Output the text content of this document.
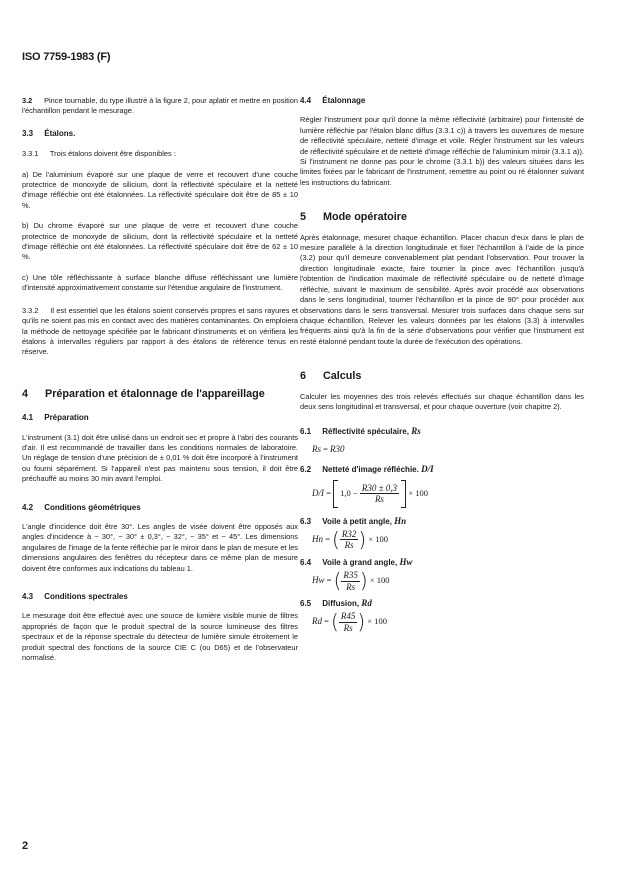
ISO 7759-1983 (F)

3.2 Pince tournable, du type illustré à la figure 2, pour aplatir et mettre en position l'échantillon pendant le mesurage.

3.3 Étalons.

3.3.1 Trois étalons doivent être disponibles :

a) De l'aluminium évaporé sur une plaque de verre et recouvert d'une couche protectrice de monoxyde de silicium, dont la réflectivité spéculaire et la netteté d'image réfléchie ont été étalonnées. La réflectivité spéculaire doit être de 85 ± 10 %.

b) Du chrome évaporé sur une plaque de verre et recouvert d'une couche protectrice de monoxyde de silicium, dont la réflectivité spéculaire et la netteté d'image réfléchie ont été étalonnées. La réflectivité spéculaire doit être de 62 ± 10 %.

c) Une tôle réfléchissante à surface blanche diffuse réfléchissant une lumière d'intensité approximativement constante sur l'étendue angulaire de l'instrument.

3.3.2 Il est essentiel que les étalons soient conservés propres et sans rayures et qu'ils ne soient pas mis en contact avec des matières contaminantes. On emploiera la méthode de nettoyage spécifiée par le fabricant d'instruments et on vérifiera les étalons à intervalles réguliers par rapport à des étalons de référence tenus en réserve.

4 Préparation et étalonnage de l'appareillage

4.1 Préparation

L'instrument (3.1) doit être utilisé dans un endroit sec et propre à l'abri des courants d'air. Il est recommandé de travailler dans les conditions normales de laboratoire. Un réglage de tension d'une précision de ± 0,01 % doit être incorporé à l'instrument ou fourni séparément. Si l'appareil n'est pas maintenu sous tension, il doit être préchauffé au moins 30 min avant l'emploi.

4.2 Conditions géométriques

L'angle d'incidence doit être 30°. Les angles de visée doivent être opposés aux angles d'incidence à − 30°, − 30° ± 0,3°, − 32°, − 35° et − 45°. Les dimensions angulaires de l'image de la fente réfléchie par le miroir dans le plan de mesure et les dimensions angulaires des fenêtres du récepteur dans ce même plan de mesure doivent être conformes aux indications du tableau 1.

4.3 Conditions spectrales

Le mesurage doit être effectué avec une source de lumière visible munie de filtres appropriés de façon que le produit spectral de la source lumineuse des filtres spectraux et de la réponse spectrale du détecteur de lumière simule étroitement le produit spectral des fonctions de la source CIE C (ou D65) et de l'observateur normalisé.

4.4 Étalonnage

Régler l'instrument pour qu'il donne la même réflectivité (arbitraire) pour l'intensité de lumière réfléchie par l'étalon blanc diffus (3.3.1 c)) à travers les ouvertures de mesure de réflectivité spéculaire, netteté d'image et voile. Régler l'instrument sur les valeurs de réflectivité spéculaire et de netteté d'image réfléchie de l'aluminium miroir (3.3.1 a)). Si l'instrument ne donne pas pour le chrome (3.3.1 b)) des valeurs situées dans les limites fixées par le fabricant de l'instrument, remettre au point ou ré étalonner suivant les instructions du fabricant.

5 Mode opératoire

Après étalonnage, mesurer chaque échantillon. Placer chacun d'eux dans le plan de mesure parallèle à la direction longitudinale et fixer l'échantillon à l'aide de la pince (3.2) pour qu'il demeure convenablement plat pendant l'observation. Pour trouver la direction longitudinale exacte, faire tourner la pince avec l'échantillon jusqu'à l'obtention de l'indication maximale de réflectivité spéculaire ou de netteté d'image réfléchie, suivant le maximum de sensibilité. Après avoir procédé aux observations dans le sens longitudinal, tourner l'échantillon et la pince de 90° pour procéder aux observations dans le sens transversal. Mesurer trois surfaces dans chaque sens sur chaque échantillon. Relever les valeurs données par les étalons (3.3) à intervalles fréquents ainsi qu'à la fin de la série d'observations pour vérifier que l'instrument est resté étalonné pendant toute la durée de l'exécution des opérations.

6 Calculs

Calculer les moyennes des trois relevés effectués sur chaque échantillon dans les deux sens longitudinal et transversal, et pour chaque ouverture (voir chapitre 2).

6.1 Réflectivité spéculaire, Rs

Rs = R30

6.2 Netteté d'image réfléchie. D/I

$D/I = 1,0 - \frac{R30 \pm 0,3}{Rs} \times 100$

6.3 Voile à petit angle, Hn

Hn = ( $\frac{R32}{Rs}$ ) × 100

6.4 Voile à grand angle, Hw

Hw = ( $\frac{R35}{Rs}$ ) × 100

6.5 Diffusion, Rd

Rd = ( $\frac{R45}{Rs}$ ) × 100
2
